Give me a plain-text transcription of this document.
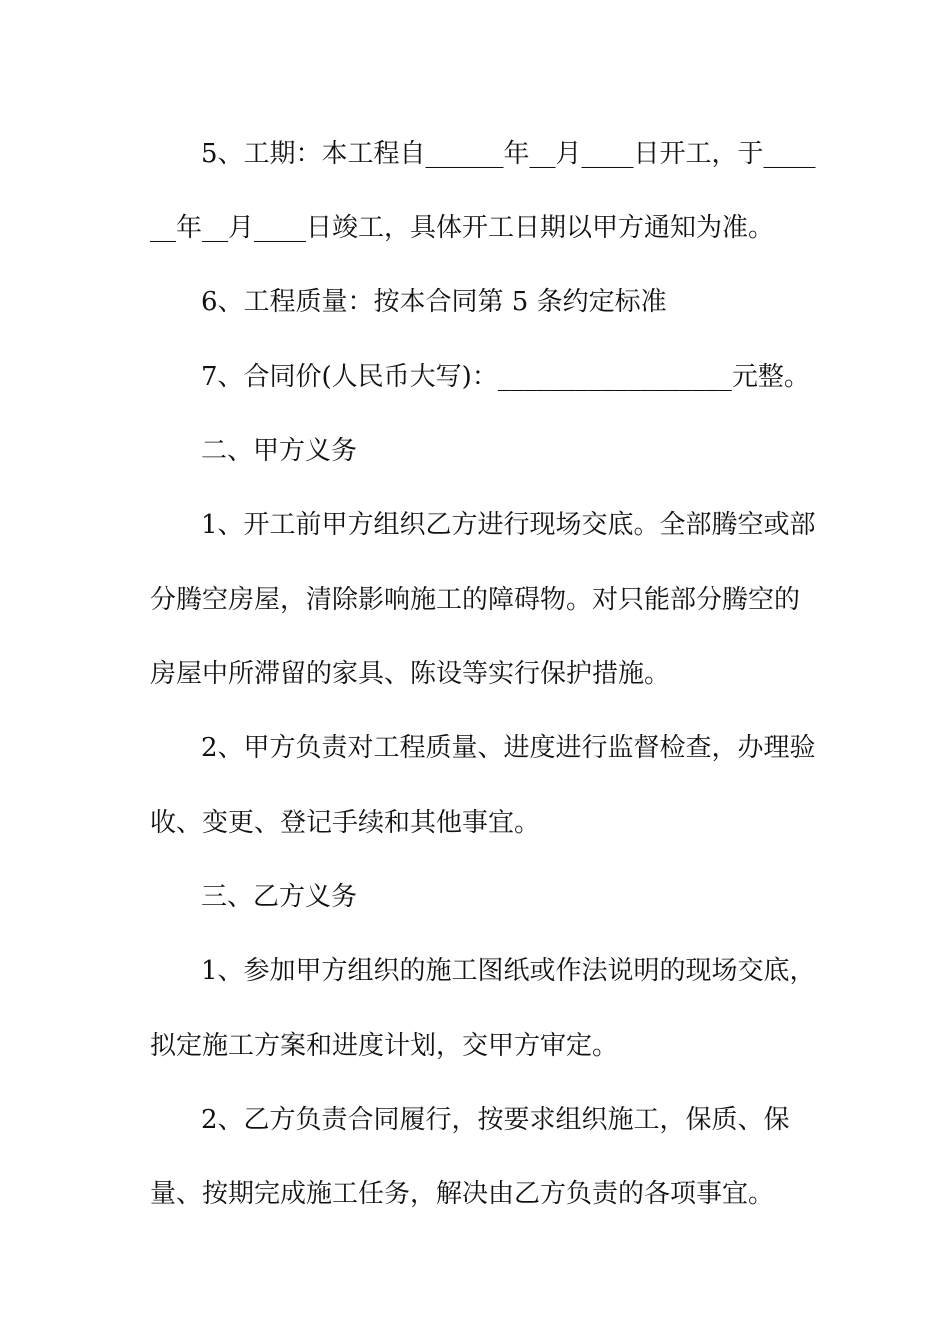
5、工期：本工程自______年__月____日开工，于____
__年__月____日竣工，具体开工日期以甲方通知为准。
6、工程质量：按本合同第 5 条约定标准
7、合同价(人民币大写)：__________________元整。
二、甲方义务
1、开工前甲方组织乙方进行现场交底。全部腾空或部
分腾空房屋，清除影响施工的障碍物。对只能部分腾空的
房屋中所滞留的家具、陈设等实行保护措施。
2、甲方负责对工程质量、进度进行监督检查，办理验
收、变更、登记手续和其他事宜。
三、乙方义务
1、参加甲方组织的施工图纸或作法说明的现场交底，
拟定施工方案和进度计划，交甲方审定。
2、乙方负责合同履行，按要求组织施工，保质、保
量、按期完成施工任务，解决由乙方负责的各项事宜。
